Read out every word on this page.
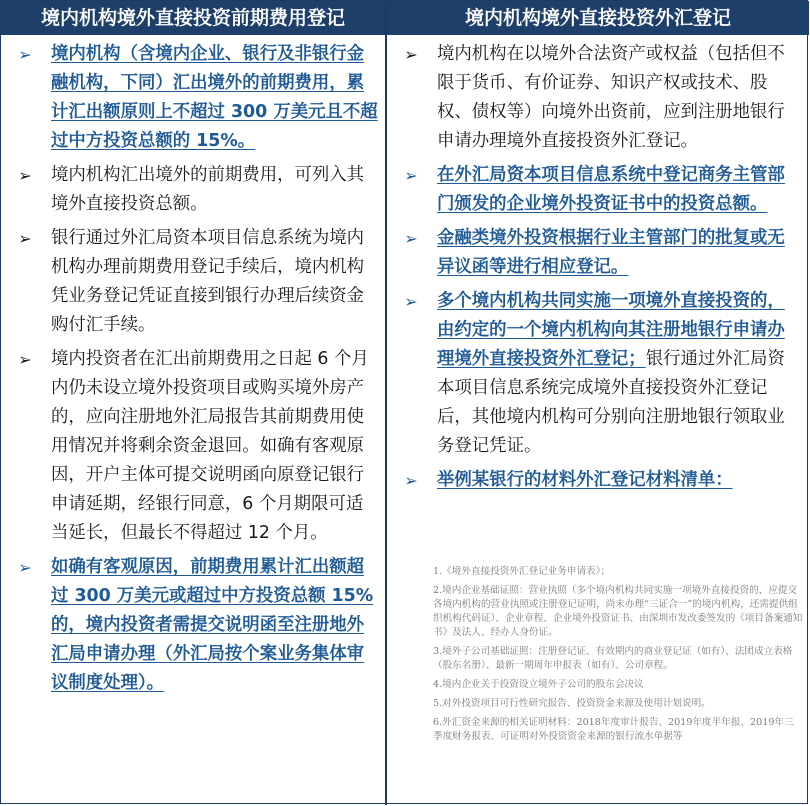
境内机构境外直接投资前期费用登记	境内机构境外直接投资外汇登记
➢	境内机构（含境内企业、银行及非银行金融机构，下同）汇出境外的前期费用，累计汇出额原则上不超过 300 万美元且不超过中方投资总额的 15%。
➢	境内机构汇出境外的前期费用，可列入其境外直接投资总额。
➢	银行通过外汇局资本项目信息系统为境内机构办理前期费用登记手续后，境内机构凭业务登记凭证直接到银行办理后续资金购付汇手续。
➢	境内投资者在汇出前期费用之日起 6 个月内仍未设立境外投资项目或购买境外房产的，应向注册地外汇局报告其前期费用使用情况并将剩余资金退回。如确有客观原因，开户主体可提交说明函向原登记银行申请延期，经银行同意，6 个月期限可适当延长，但最长不得超过 12 个月。
➢	如确有客观原因，前期费用累计汇出额超过 300 万美元或超过中方投资总额 15%的，境内投资者需提交说明函至注册地外汇局申请办理（外汇局按个案业务集体审议制度处理）。
➢	境内机构在以境外合法资产或权益（包括但不限于货币、有价证券、知识产权或技术、股权、债权等）向境外出资前，应到注册地银行申请办理境外直接投资外汇登记。
➢	在外汇局资本项目信息系统中登记商务主管部门颁发的企业境外投资证书中的投资总额。
➢	金融类境外投资根据行业主管部门的批复或无异议函等进行相应登记。
➢	多个境内机构共同实施一项境外直接投资的，由约定的一个境内机构向其注册地银行申请办理境外直接投资外汇登记；银行通过外汇局资本项目信息系统完成境外直接投资外汇登记后，其他境内机构可分别向注册地银行领取业务登记凭证。
➢	举例某银行的材料外汇登记材料清单：
1.《境外直接投资外汇登记业务申请表》；
2.境内企业基础证照：营业执照（多个境内机构共同实施一项境外直接投资的，应提交各境内机构的营业执照或注册登记证明，尚未办理“三证合一”的境内机构，还需提供组织机构代码证）、企业章程、企业境外投资证书、由深圳市发改委签发的《项目备案通知书》及法人、经办人身份证。
3.境外子公司基础证照：注册登记证、有效期内的商业登记证（如有）、法团成立表格（股东名册）、最新一期周年申报表（如有）、公司章程。
4.境内企业关于投资设立境外子公司的股东会决议
5.对外投资项目可行性研究报告、投资资金来源及使用计划说明。
6.外汇资金来源的相关证明材料：2018年度审计报告、2019年度半年报、2019年三季度财务报表、可证明对外投资资金来源的银行流水单据等
